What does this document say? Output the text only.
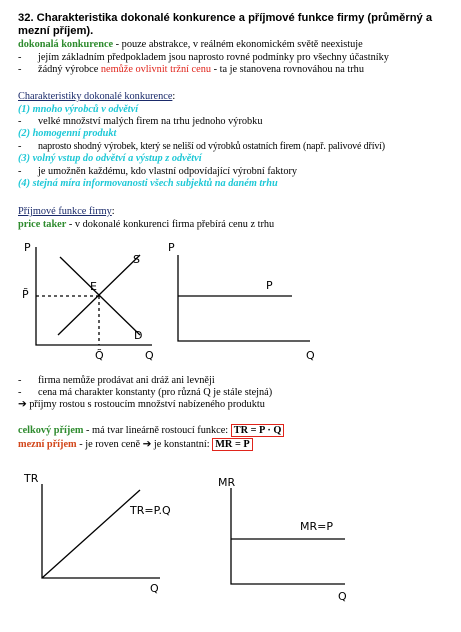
32. Charakteristika dokonalé konkurence a příjmové funkce firmy (průměrný a
mezní příjem).
dokonalá konkurence - pouze abstrakce, v reálném ekonomickém světě neexistuje
- jejím základním předpokladem jsou naprosto rovné podmínky pro všechny účastníky
- žádný výrobce nemůže ovlivnit tržní cenu - ta je stanovena rovnováhou na trhu
Charakteristiky dokonalé konkurence:
(1) mnoho výrobců v odvětví
- velké množství malých firem na trhu jednoho výrobku
(2) homogenní produkt
- naprosto shodný výrobek, který se neliší od výrobků ostatních firem (např. palivové dříví)
(3) volný vstup do odvětví a výstup z odvětví
- je umožněn každému, kdo vlastní odpovídající výrobní faktory
(4) stejná míra informovanosti všech subjektů na daném trhu
Příjmové funkce firmy:
price taker - v dokonalé konkurenci firma přebírá cenu z trhu
P
S
D
E
P̃
Q̃	Q
P
P
Q
- firma nemůže prodávat ani dráž ani levněji
- cena má charakter konstanty (pro různá Q je stále stejná)
➔ příjmy rostou s rostoucím množství nabízeného produktu
celkový příjem - má tvar lineárně rostoucí funkce: TR = P · Q
mezní příjem - je roven ceně ➔ je konstantní: MR = P
TR
TR=P.Q
Q
MR
MR=P
Q
